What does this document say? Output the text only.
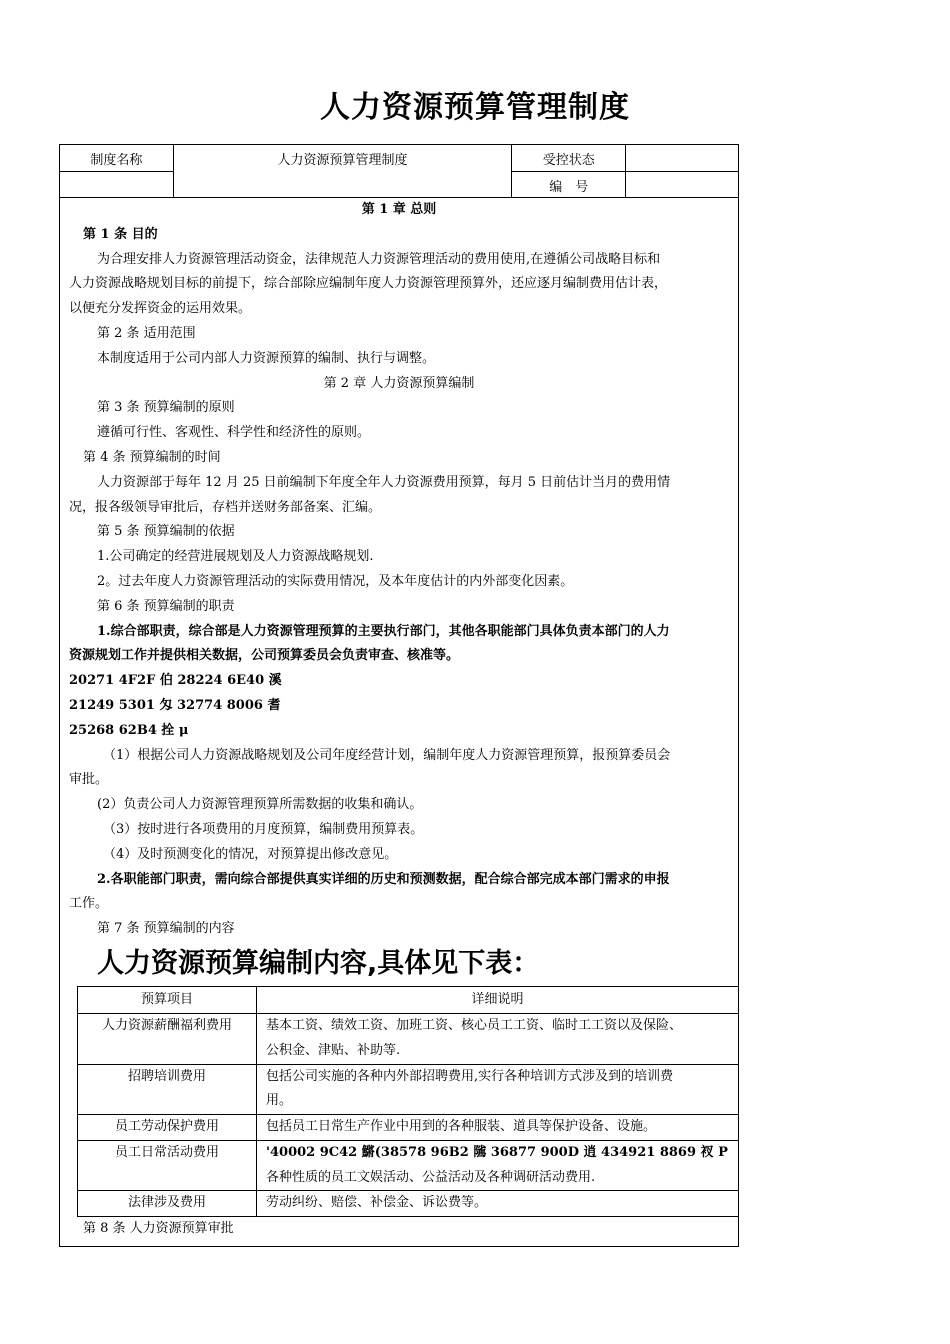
人力资源预算管理制度
制度名称	人力资源预算管理制度	受控状态	
		编　号	
第 1 章 总则
第 1 条 目的
为合理安排人力资源管理活动资金，法律规范人力资源管理活动的费用使用,在遵循公司战略目标和
人力资源战略规划目标的前提下，综合部除应编制年度人力资源管理预算外，还应逐月编制费用估计表，
以便充分发挥资金的运用效果。
第 2 条 适用范围
本制度适用于公司内部人力资源预算的编制、执行与调整。
第 2 章 人力资源预算编制
第 3 条 预算编制的原则
遵循可行性、客观性、科学性和经济性的原则。
第 4 条 预算编制的时间
人力资源部于每年 12 月 25 日前编制下年度全年人力资源费用预算，每月 5 日前估计当月的费用情
况，报各级领导审批后，存档并送财务部备案、汇编。
第 5 条 预算编制的依据
1.公司确定的经营进展规划及人力资源战略规划.
2。过去年度人力资源管理活动的实际费用情况，及本年度估计的内外部变化因素。
第 6 条 预算编制的职责
1.综合部职责，综合部是人力资源管理预算的主要执行部门，其他各职能部门具体负责本部门的人力
资源规划工作并提供相关数据，公司预算委员会负责审查、核准等。
20271 4F2F 伯 28224 6E40 溪
21249 5301 匁 32774 8006 耆
25268 62B4 拴 μ
（1）根据公司人力资源战略规划及公司年度经营计划，编制年度人力资源管理预算，报预算委员会
审批。
(2）负责公司人力资源管理预算所需数据的收集和确认。
（3）按时进行各项费用的月度预算，编制费用预算表。
（4）及时预测变化的情况，对预算提出修改意见。
2.各职能部门职责，需向综合部提供真实详细的历史和预测数据，配合综合部完成本部门需求的申报
工作。
第 7 条 预算编制的内容
人力资源预算编制内容,具体见下表：
预算项目	详细说明
人力资源薪酬福利费用	基本工资、绩效工资、加班工资、核心员工工资、临时工工资以及保险、
公积金、津贴、补助等.

招聘培训费用	包括公司实施的各种内外部招聘费用,实行各种培训方式涉及到的培训费
用。

员工劳动保护费用	包括员工日常生产作业中用到的各种服装、道具等保护设备、设施。

员工日常活动费用	'40002 9C42 鱂(38578 96B2 隲 36877 900D 逍 434921 8869 衩 P
各种性质的员工文娱活动、公益活动及各种调研活动费用.

法律涉及费用	劳动纠纷、赔偿、补偿金、诉讼费等。
第 8 条 人力资源预算审批
